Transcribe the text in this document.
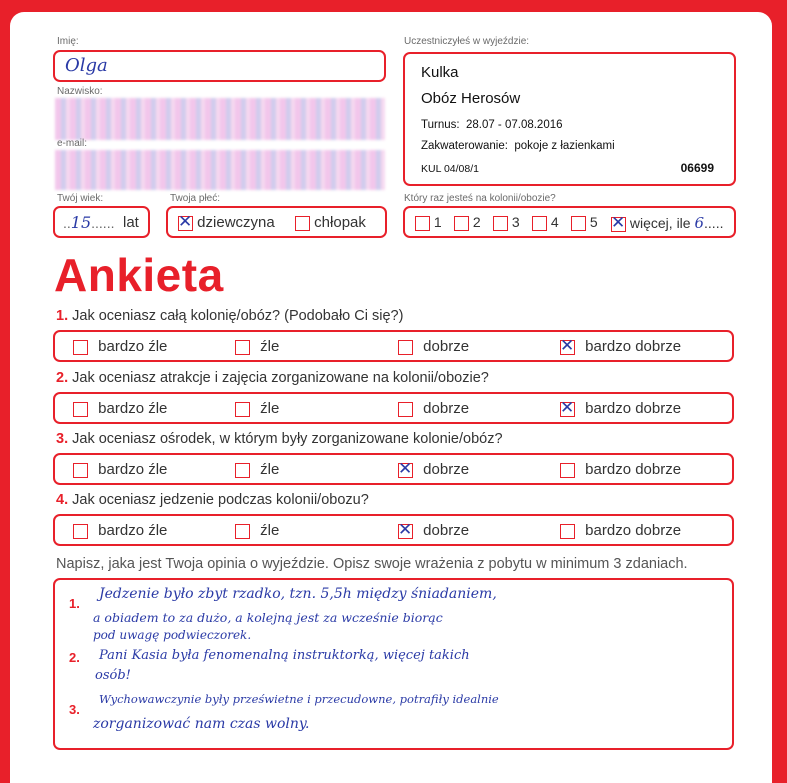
Imię:
Olga
Nazwisko:
e-mail:
Uczestniczyłeś w wyjeździe:
Kulka
Obóz Herosów
Turnus: 28.07 - 07.08.2016
Zakwaterowanie: pokoje z łazienkami
KUL 04/08/1	06699
Twój wiek:
..15...... lat
Twoja płeć:
✕ dziewczyna	chłopak
Który raz jesteś na kolonii/obozie?
1	2	3	4	5 ✕	więcej, ile 6.....
Ankieta
1. Jak oceniasz całą kolonię/obóz? (Podobało Ci się?)
bardzo źle	źle	dobrze ✕	bardzo dobrze
2. Jak oceniasz atrakcje i zajęcia zorganizowane na kolonii/obozie?
bardzo źle	źle	dobrze ✕	bardzo dobrze
3. Jak oceniasz ośrodek, w którym były zorganizowane kolonie/obóz?
bardzo źle	źle ✕	dobrze	bardzo dobrze
4. Jak oceniasz jedzenie podczas kolonii/obozu?
bardzo źle	źle ✕	dobrze	bardzo dobrze
Napisz, jaka jest Twoja opinia o wyjeździe. Opisz swoje wrażenia z pobytu w minimum 3 zdaniach.
1.
2.
3.
Jedzenie było zbyt rzadko, tzn. 5,5h między śniadaniem,
a obiadem to za dużo, a kolejną jest za wcześnie biorąc
pod uwagę podwieczorek.
Pani Kasia była fenomenalną instruktorką, więcej takich
osób!
Wychowawczynie były prześwietne i przecudowne, potrafiły idealnie
zorganizować nam czas wolny.
